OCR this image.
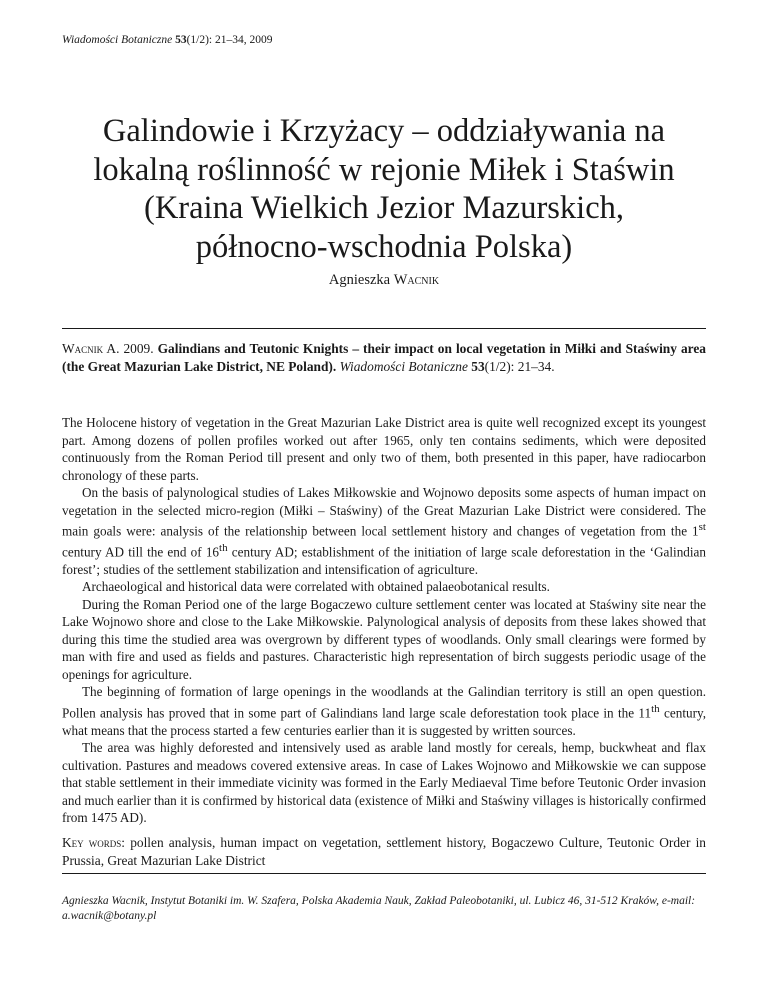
Wiadomości Botaniczne 53(1/2): 21–34, 2009
Galindowie i Krzyżacy – oddziaływania na
lokalną roślinność w rejonie Miłek i Staświn
(Kraina Wielkich Jezior Mazurskich,
północno-wschodnia Polska)
Agnieszka Wacnik
Wacnik A. 2009. Galindians and Teutonic Knights – their impact on local vegetation in Miłki and Staświny area (the Great Mazurian Lake District, NE Poland). Wiadomości Botaniczne 53(1/2): 21–34.

The Holocene history of vegetation in the Great Mazurian Lake District area is quite well recognized except its youngest part. Among dozens of pollen profiles worked out after 1965, only ten contains sediments, which were deposited continuously from the Roman Period till present and only two of them, both presented in this paper, have radiocarbon chronology of these parts.

On the basis of palynological studies of Lakes Miłkowskie and Wojnowo deposits some aspects of human impact on vegetation in the selected micro-region (Miłki – Staświny) of the Great Mazurian Lake District were considered. The main goals were: analysis of the relationship between local settlement history and changes of vegetation from the 1st century AD till the end of 16th century AD; establishment of the initiation of large scale deforestation in the ‘Galindian forest’; studies of the settlement stabilization and intensification of agriculture.

Archaeological and historical data were correlated with obtained palaeobotanical results.

During the Roman Period one of the large Bogaczewo culture settlement center was located at Staświny site near the Lake Wojnowo shore and close to the Lake Miłkowskie. Palynological analysis of deposits from these lakes showed that during this time the studied area was overgrown by different types of woodlands. Only small clearings were formed by man with fire and used as fields and pastures. Characteristic high representation of birch suggests periodic usage of the openings for agriculture.

The beginning of formation of large openings in the woodlands at the Galindian territory is still an open question. Pollen analysis has proved that in some part of Galindians land large scale deforestation took place in the 11th century, what means that the process started a few centuries earlier than it is suggested by written sources.

The area was highly deforested and intensively used as arable land mostly for cereals, hemp, buckwheat and flax cultivation. Pastures and meadows covered extensive areas. In case of Lakes Wojnowo and Miłkowskie we can suppose that stable settlement in their immediate vicinity was formed in the Early Mediaeval Time before Teutonic Order invasion and much earlier than it is confirmed by historical data (existence of Miłki and Staświny villages is historically confirmed from 1475 AD).

Key words: pollen analysis, human impact on vegetation, settlement history, Bogaczewo Culture, Teutonic Order in Prussia, Great Mazurian Lake District
Agnieszka Wacnik, Instytut Botaniki im. W. Szafera, Polska Akademia Nauk, Zakład Paleobotaniki, ul. Lubicz 46, 31-512 Kraków, e-mail: a.wacnik@botany.pl
